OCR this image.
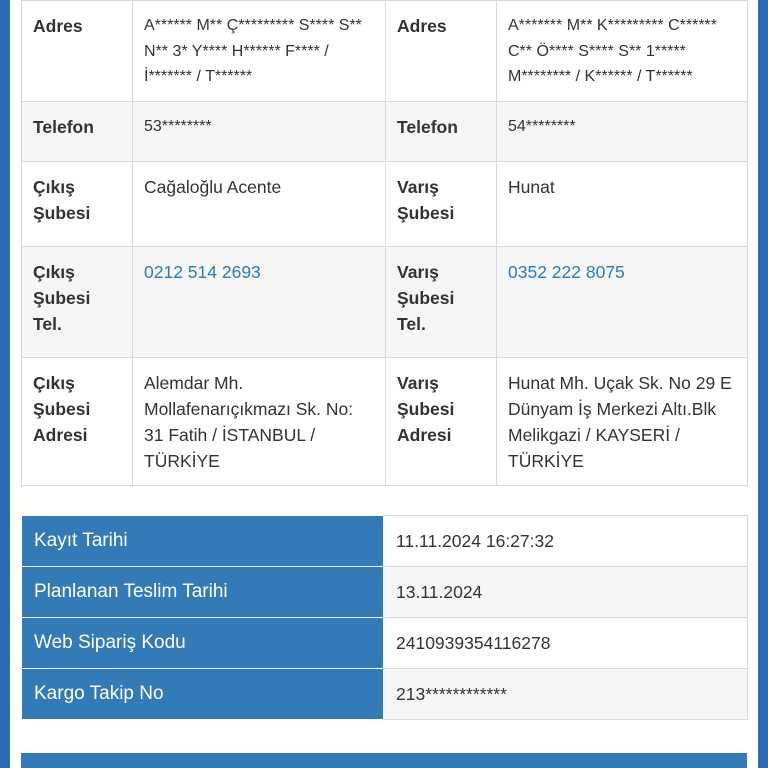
Adres	A****** M** Ç********* S**** S** N** 3* Y**** H****** F**** / İ******* / T******	Adres	A******* M** K********* C****** C** Ö**** S**** S** 1***** M******** / K****** / T******
Telefon	53********	Telefon	54********
Çıkış Şubesi	Cağaloğlu Acente	Varış Şubesi	Hunat
Çıkış Şubesi Tel.	0212 514 2693	Varış Şubesi Tel.	0352 222 8075
Çıkış Şubesi Adresi	Alemdar Mh. Mollafenarıçıkmazı Sk. No: 31 Fatih / İSTANBUL / TÜRKİYE	Varış Şubesi Adresi	Hunat Mh. Uçak Sk. No 29 E Dünyam İş Merkezi Altı.Blk Melikgazi / KAYSERİ / TÜRKİYE
Kayıt Tarihi	11.11.2024 16:27:32
Planlanan Teslim Tarihi	13.11.2024
Web Sipariş Kodu	2410939354116278
Kargo Takip No	213************
